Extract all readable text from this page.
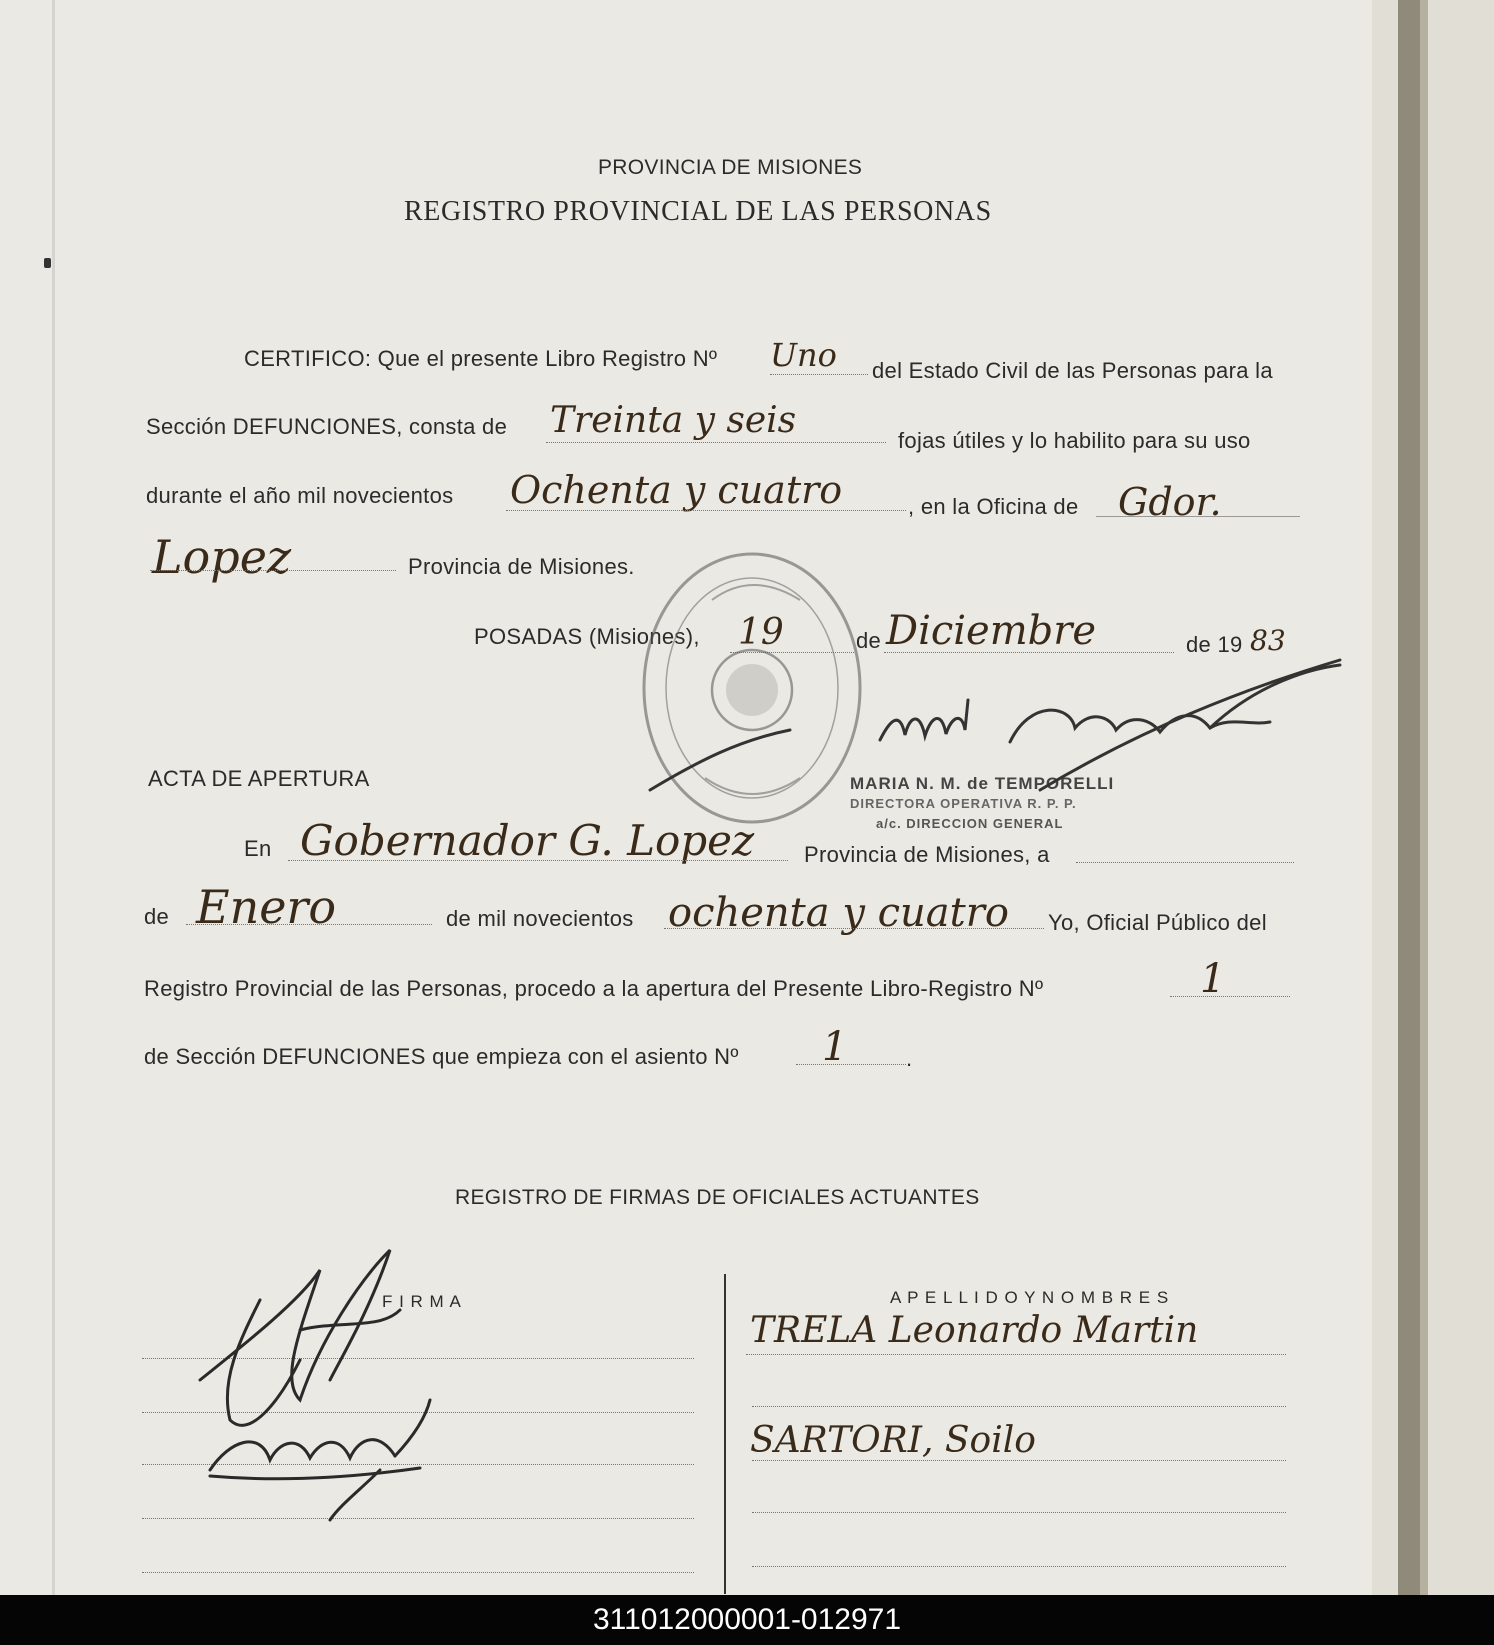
PROVINCIA DE MISIONES
REGISTRO PROVINCIAL DE LAS PERSONAS
CERTIFICO: Que el presente Libro Registro Nº Uno del Estado Civil de las Personas para la
Sección DEFUNCIONES, consta de Treinta y seis	fojas útiles y lo habilito para su uso
durante el año mil novecientos Ochenta y cuatro	, en la Oficina de Gdor.
Lopez	Provincia de Misiones.
POSADAS (Misiones), 19	de Diciembre	de 19 83
MARIA N. M. de TEMPORELLI
DIRECTORA OPERATIVA R. P. P.
a/c. DIRECCION GENERAL
ACTA DE APERTURA
En Gobernador G. Lopez Provincia de Misiones, a
de Enero	de mil novecientos ochenta y cuatro Yo, Oficial Público del
Registro Provincial de las Personas, procedo a la apertura del Presente Libro-Registro Nº	1
de Sección DEFUNCIONES que empieza con el asiento Nº 1	.
REGISTRO DE FIRMAS DE OFICIALES ACTUANTES
F I R M A	A P E L L I D O Y N O M B R E S
TRELA Leonardo Martin
SARTORI, Soilo
311012000001-012971
